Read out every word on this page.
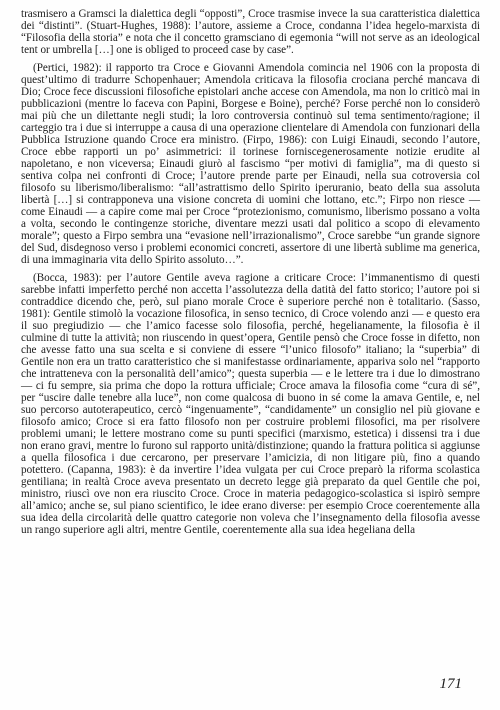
trasmisero a Gramsci la dialettica degli “opposti”, Croce trasmise invece la sua caratteristica dialettica dei “distinti”. (Stuart-Hughes, 1988): l’autore, assieme a Croce, condanna l’idea hegelo-marxista di “Filosofia della storia” e nota che il concetto gramsciano di egemonia “will not serve as an ideological tent or umbrella […] one is obliged to proceed case by case”.

(Pertici, 1982): il rapporto tra Croce e Giovanni Amendola comincia nel 1906 con la proposta di quest’ultimo di tradurre Schopenhauer; Amendola criticava la filosofia crociana perché mancava di Dio; Croce fece discussioni filosofiche epistolari anche accese con Amendola, ma non lo criticò mai in pubblicazioni (mentre lo faceva con Papini, Borgese e Boine), perché? Forse perché non lo considerò mai più che un dilettante negli studi; la loro controversia continuò sul tema sentimento/ragione; il carteggio tra i due si interruppe a causa di una operazione clientelare di Amendola con funzionari della Pubblica Istruzione quando Croce era ministro. (Firpo, 1986): con Luigi Einaudi, secondo l’autore, Croce ebbe rapporti un po’ asimmetrici: il torinese forniscegenerosamente notizie erudite al napoletano, e non viceversa; Einaudi giurò al fascismo “per motivi di famiglia”, ma di questo si sentiva colpa nei confronti di Croce; l’autore prende parte per Einaudi, nella sua cotroversia col filosofo su liberismo/liberalismo: “all’astrattismo dello Spirito iperuranio, beato della sua assoluta libertà […] si contrapponeva una visione concreta di uomini che lottano, etc.”; Firpo non riesce — come Einaudi — a capire come mai per Croce “protezionismo, comunismo, liberismo possano a volta a volta, secondo le contingenze storiche, diventare mezzi usati dal politico a scopo di elevamento morale”; questo a Firpo sembra una “evasione nell’irrazionalismo”, Croce sarebbe “un grande signore del Sud, disdegnoso verso i problemi economici concreti, assertore di une libertà sublime ma generica, di una immaginaria vita dello Spirito assoluto…”.

(Bocca, 1983): per l’autore Gentile aveva ragione a criticare Croce: l’immanentismo di questi sarebbe infatti imperfetto perché non accetta l’assolutezza della datità del fatto storico; l’autore poi si contraddice dicendo che, però, sul piano morale Croce è superiore perché non è totalitario. (Sasso, 1981): Gentile stimolò la vocazione filosofica, in senso tecnico, di Croce volendo anzi — e questo era il suo pregiudizio — che l’amico facesse solo filosofia, perché, hegelianamente, la filosofia è il culmine di tutte la attività; non riuscendo in quest’opera, Gentile pensò che Croce fosse in difetto, non che avesse fatto una sua scelta e si conviene di essere “l’unico filosofo” italiano; la “superbia” di Gentile non era un tratto caratteristico che si manifestasse ordinariamente, appariva solo nel “rapporto che intratteneva con la personalità dell’amico”; questa superbia — e le lettere tra i due lo dimostrano — ci fu sempre, sia prima che dopo la rottura ufficiale; Croce amava la filosofia come “cura di sé”, per “uscire dalle tenebre alla luce”, non come qualcosa di buono in sé come la amava Gentile, e, nel suo percorso autoterapeutico, cercò “ingenuamente”, “candidamente” un consiglio nel più giovane e filosofo amico; Croce si era fatto filosofo non per costruire problemi filosofici, ma per risolvere problemi umani; le lettere mostrano come su punti specifici (marxismo, estetica) i dissensi tra i due non erano gravi, mentre lo furono sul rapporto unità/distinzione; quando la frattura politica si aggiunse a quella filosofica i due cercarono, per preservare l’amicizia, di non litigare più, fino a quando potettero. (Capanna, 1983): è da invertire l’idea vulgata per cui Croce preparò la riforma scolastica gentiliana; in realtà Croce aveva presentato un decreto legge già preparato da quel Gentile che poi, ministro, riuscì ove non era riuscito Croce. Croce in materia pedagogico-scolastica si ispirò sempre all’amico; anche se, sul piano scientifico, le idee erano diverse: per esempio Croce coerentemente alla sua idea della circolarità delle quattro categorie non voleva che l’insegnamento della filosofia avesse un rango superiore agli altri, mentre Gentile, coerentemente alla sua idea hegeliana della

171
